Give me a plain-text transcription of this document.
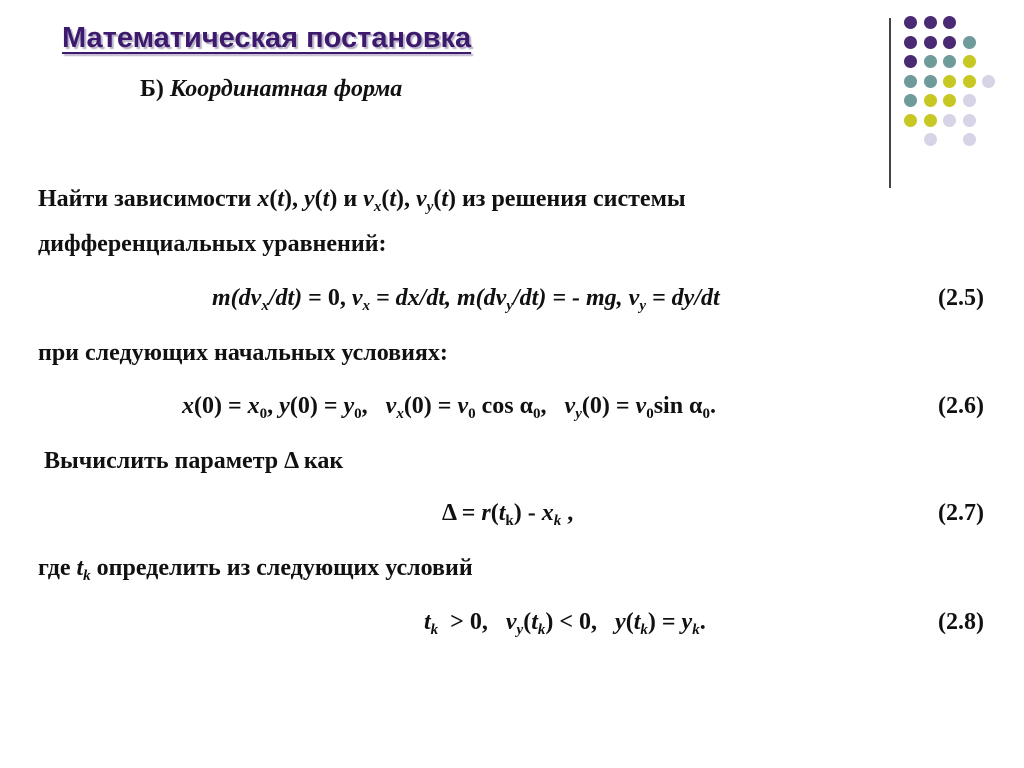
Математическая постановка
Б) Координатная форма
Найти зависимости x(t), y(t) и $v_x(t)$, $v_y(t)$ из решения системы
дифференциальных уравнений:
$m(dv_x/dt) = 0$, $v_x = dx/dt$, $m(dv_y/dt)$ = - mg, $v_y = dy/dt$	(2.5)
при следующих начальных условиях:
$x(0) = x_0$, $y(0) = y_0$,   $v_x(0) = v_0$ $\cos \alpha_0$,   $v_y(0) = v_0\sin$ $\alpha_0$.	(2.6)
Вычислить параметр Δ как
$\Delta = r(t_k) - x_k$ ,	(2.7)
где $t_k$ определить из следующих условий
$t_k > 0$,   $v_y(t_k) < 0$,   $y(t_k) = y_k$.	(2.8)
